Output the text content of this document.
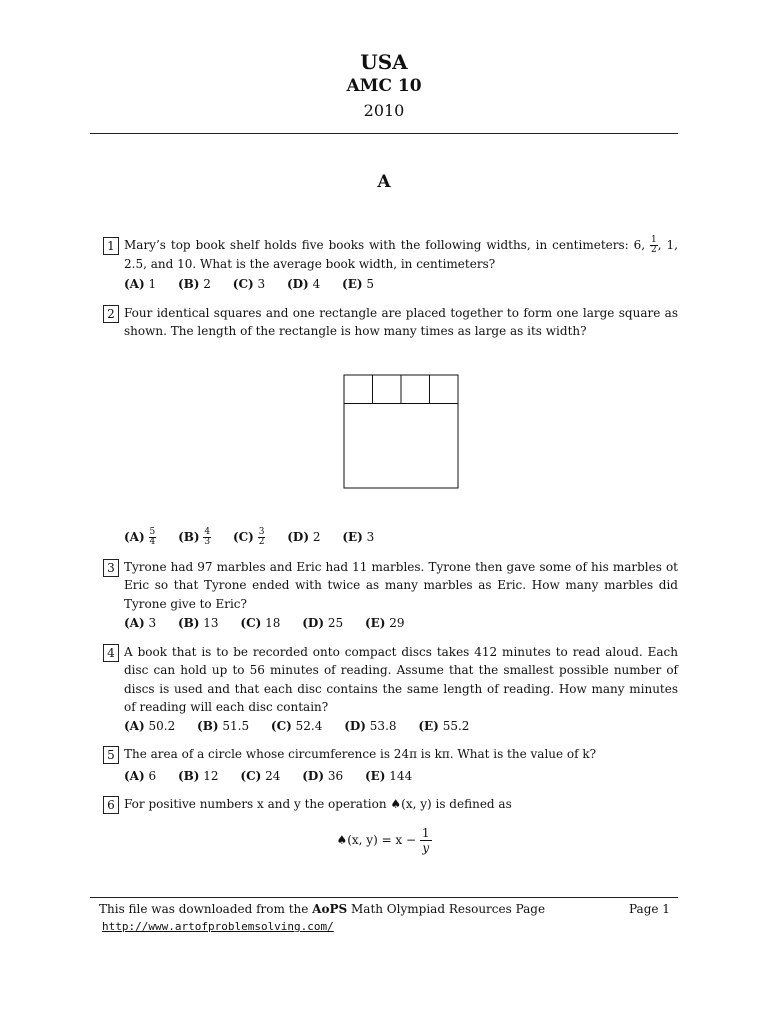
USA
AMC 10
2010
A
1 Mary’s top book shelf holds five books with the following widths, in centimeters: 6, $\frac{1}{2}$ , 1, 2.5, and 10. What is the average book width, in centimeters?
(A) 1 (B) 2 (C) 3 (D) 4 (E) 5
2 Four identical squares and one rectangle are placed together to form one large square as shown. The length of the rectangle is how many times as large as its width?
$(A) \frac{5}{4} (B) \frac{4}{3} (C) \frac{3}{2} (D)$ 2 (E) 3
3 Tyrone had 97 marbles and Eric had 11 marbles. Tyrone then gave some of his marbles ot Eric so that Tyrone ended with twice as many marbles as Eric. How many marbles did Tyrone give to Eric?
(A) 3 (B) 13 (C) 18 (D) 25 (E) 29
4 A book that is to be recorded onto compact discs takes 412 minutes to read aloud. Each disc can hold up to 56 minutes of reading. Assume that the smallest possible number of discs is used and that each disc contains the same length of reading. How many minutes of reading will each disc contain?
(A) 50.2 (B) 51.5 (C) 52.4 (D) 53.8 (E) 55.2
5 The area of a circle whose circumference is 24π is kπ. What is the value of k?
(A) 6 (B) 12 (C) 24 (D) 36 (E) 144
6 For positive numbers x and y the operation ♠(x, y) is defined as
♠(x, $y) = x - \frac{1}{y}$
This file was downloaded from the AoPS Math Olympiad Resources Page	Page 1
http://www.artofproblemsolving.com/
